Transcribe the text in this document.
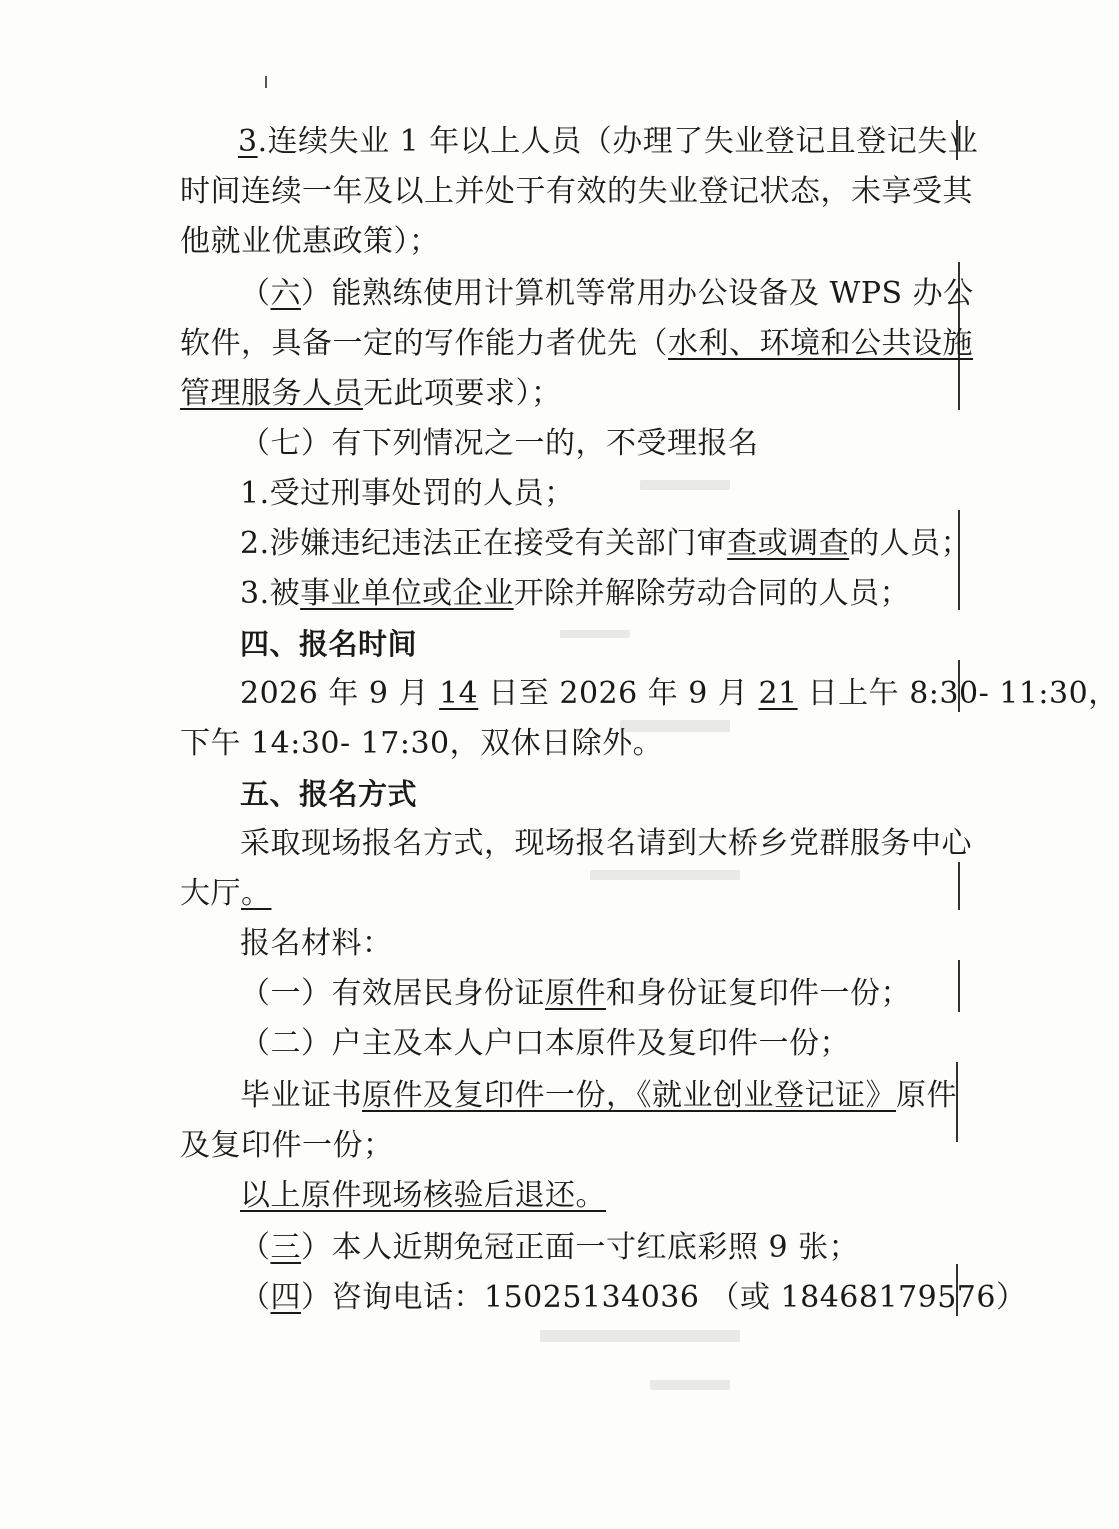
3.连续失业 1 年以上人员（办理了失业登记且登记失业
时间连续一年及以上并处于有效的失业登记状态，未享受其
他就业优惠政策）；
（六）能熟练使用计算机等常用办公设备及 WPS 办公
软件，具备一定的写作能力者优先（水利、环境和公共设施
管理服务人员无此项要求）；
（七）有下列情况之一的，不受理报名
1.受过刑事处罚的人员；
2.涉嫌违纪违法正在接受有关部门审查或调查的人员；
3.被事业单位或企业开除并解除劳动合同的人员；
四、报名时间
2026 年 9 月 14 日至 2026 年 9 月 21 日上午 8:30- 11:30，
下午 14:30- 17:30，双休日除外。
五、报名方式
采取现场报名方式，现场报名请到大桥乡党群服务中心
大厅。
报名材料：
（一）有效居民身份证原件和身份证复印件一份；
（二）户主及本人户口本原件及复印件一份；
毕业证书原件及复印件一份，《就业创业登记证》原件
及复印件一份；
以上原件现场核验后退还。
（三）本人近期免冠正面一寸红底彩照 9 张；
（四）咨询电话：15025134036 （或 18468179576）
